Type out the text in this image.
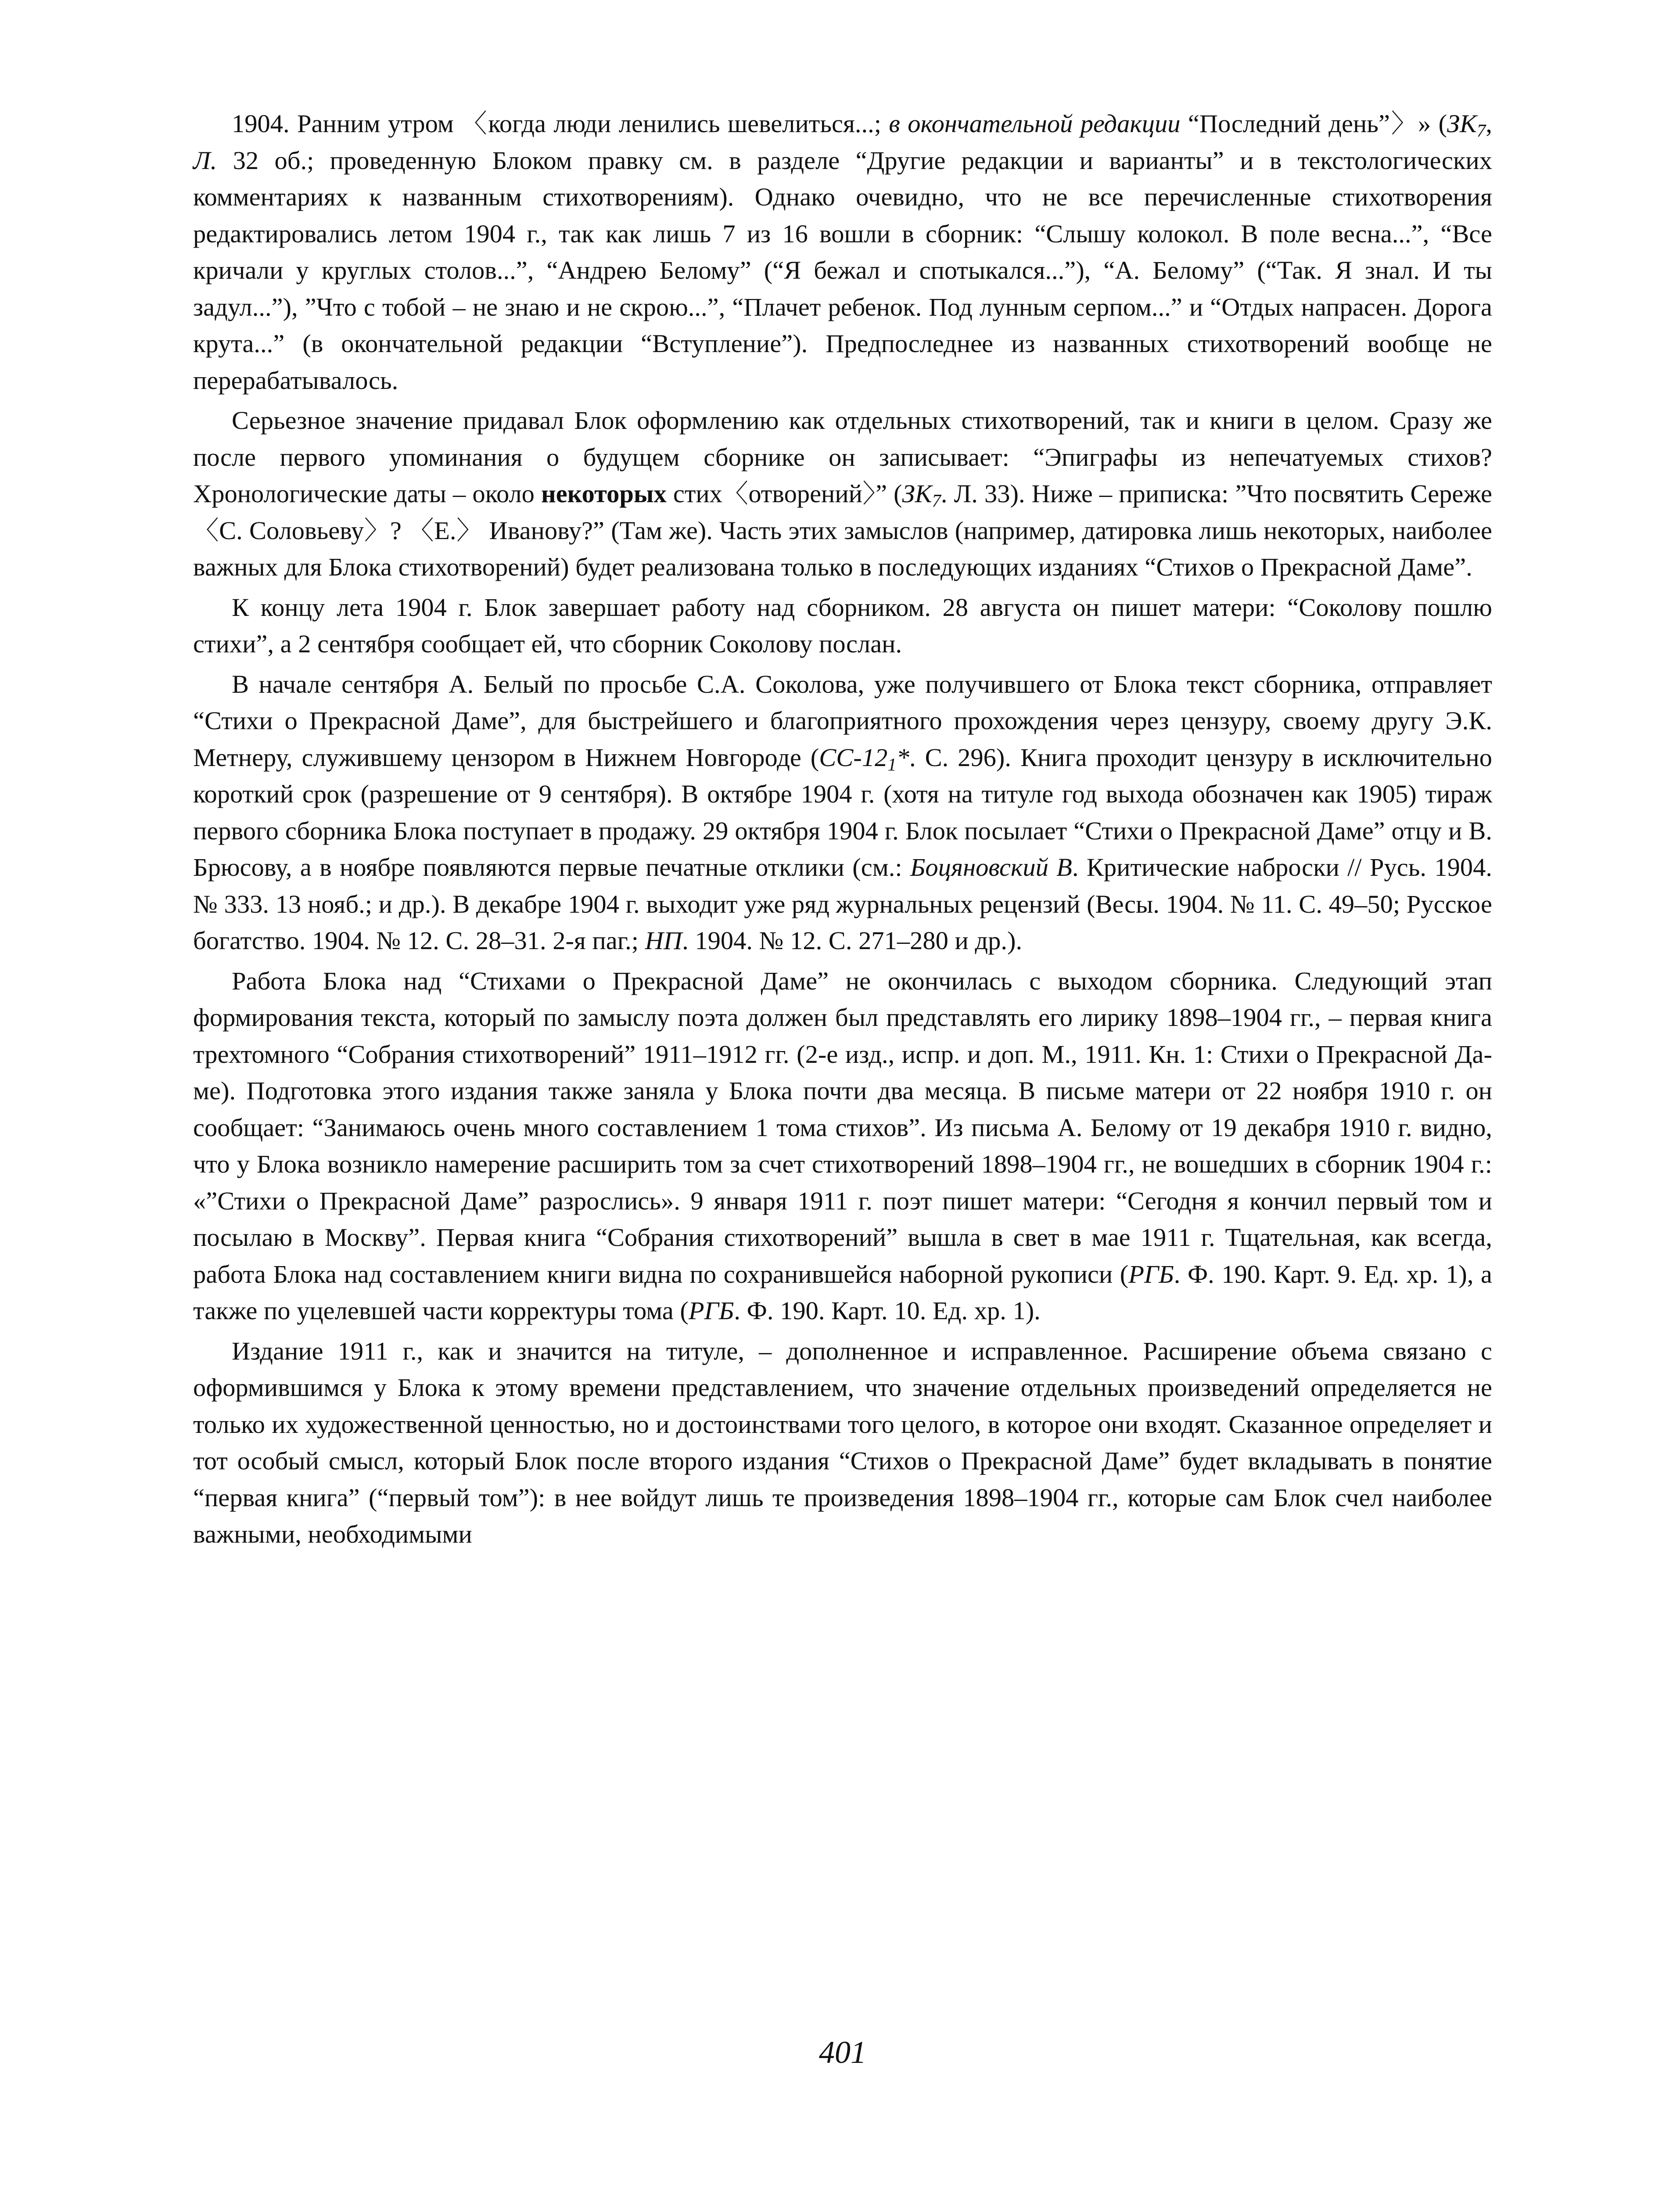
1904. Ранним утром 〈когда люди ленились шевелиться...; в окончательной редакции “Последний день”〉» ($ЗК_7$, Л. 32 об.; проведенную Блоком правку см. в разделе “Другие редакции и варианты” и в текстологических комментариях к названным стихотворениям). Однако очевидно, что не все перечисленные стихотворения редактировались летом 1904 г., так как лишь 7 из 16 вошли в сборник: “Слышу колокол. В поле весна...”, “Все кричали у круглых столов...”, “Андрею Белому” (“Я бежал и спотыкался...”), “А. Белому” (“Так. Я знал. И ты задул...”), ”Что с тобой – не знаю и не скрою...”, “Плачет ребенок. Под лунным серпом...” и “Отдых напрасен. Дорога крута...” (в окончательной редакции “Вступление”). Предпоследнее из названных стихотворений вообще не перерабатывалось.

Серьезное значение придавал Блок оформлению как отдельных стихотворений, так и книги в целом. Сразу же после первого упоминания о будущем сборнике он записывает: “Эпиграфы из непечатуемых стихов? Хронологические даты – около некоторых стих〈отворений〉” ($ЗК_7$. Л. 33). Ниже – приписка: ”Что посвятить Сереже 〈С. Соловьеву〉? 〈Е.〉 Иванову?” (Там же). Часть этих замыслов (например, датировка лишь некоторых, наиболее важных для Блока стихотворений) будет реализована только в последующих изданиях “Стихов о Прекрасной Даме”.

К концу лета 1904 г. Блок завершает работу над сборником. 28 августа он пишет матери: “Соколову пошлю стихи”, а 2 сентября сообщает ей, что сборник Соколову послан.

В начале сентября А. Белый по просьбе С.А. Соколова, уже получившего от Блока текст сборника, отправляет “Стихи о Прекрасной Даме”, для быстрейшего и благоприятного прохождения через цензуру, своему другу Э.К. Метнеру, служившему цензором в Нижнем Новгороде ($СС-12_1*$. С. 296). Книга проходит цензуру в исключительно короткий срок (разрешение от 9 сентября). В октябре 1904 г. (хотя на титуле год выхода обозначен как 1905) тираж первого сборника Блока поступает в продажу. 29 октября 1904 г. Блок посылает “Стихи о Прекрасной Даме” отцу и В. Брюсову, а в ноябре появляются первые печатные отклики (см.: Боцяновский В. Критические наброски // Русь. 1904. № 333. 13 нояб.; и др.). В декабре 1904 г. выходит уже ряд журнальных рецензий (Весы. 1904. № 11. С. 49–50; Русское богатство. 1904. № 12. С. 28–31. 2-я паг.; НП. 1904. № 12. С. 271–280 и др.).

Работа Блока над “Стихами о Прекрасной Даме” не окончилась с выходом сборника. Следующий этап формирования текста, который по замыслу поэта должен был представлять его лирику 1898–1904 гг., – первая книга трехтомного “Собрания стихотворений” 1911–1912 гг. (2-е изд., испр. и доп. М., 1911. Кн. 1: Стихи о Прекрасной Даме). Подготовка этого издания также заняла у Блока почти два месяца. В письме матери от 22 ноября 1910 г. он сообщает: “Занимаюсь очень много составлением 1 тома стихов”. Из письма А. Белому от 19 декабря 1910 г. видно, что у Блока возникло намерение расширить том за счет стихотворений 1898–1904 гг., не вошедших в сборник 1904 г.: «”Стихи о Прекрасной Даме” разрослись». 9 января 1911 г. поэт пишет матери: “Сегодня я кончил первый том и посылаю в Москву”. Первая книга “Собрания стихотворений” вышла в свет в мае 1911 г. Тщательная, как всегда, работа Блока над составлением книги видна по сохранившейся наборной рукописи (РГБ. Ф. 190. Карт. 9. Ед. хр. 1), а также по уцелевшей части корректуры тома (РГБ. Ф. 190. Карт. 10. Ед. хр. 1).

Издание 1911 г., как и значится на титуле, – дополненное и исправленное. Расширение объема связано с оформившимся у Блока к этому времени представлением, что значение отдельных произведений определяется не только их художественной ценностью, но и достоинствами того целого, в которое они входят. Сказанное определяет и тот особый смысл, который Блок после второго издания “Стихов о Прекрасной Даме” будет вкладывать в понятие “первая книга” (“первый том”): в нее войдут лишь те произведения 1898–1904 гг., которые сам Блок счел наиболее важными, необходимыми

401
